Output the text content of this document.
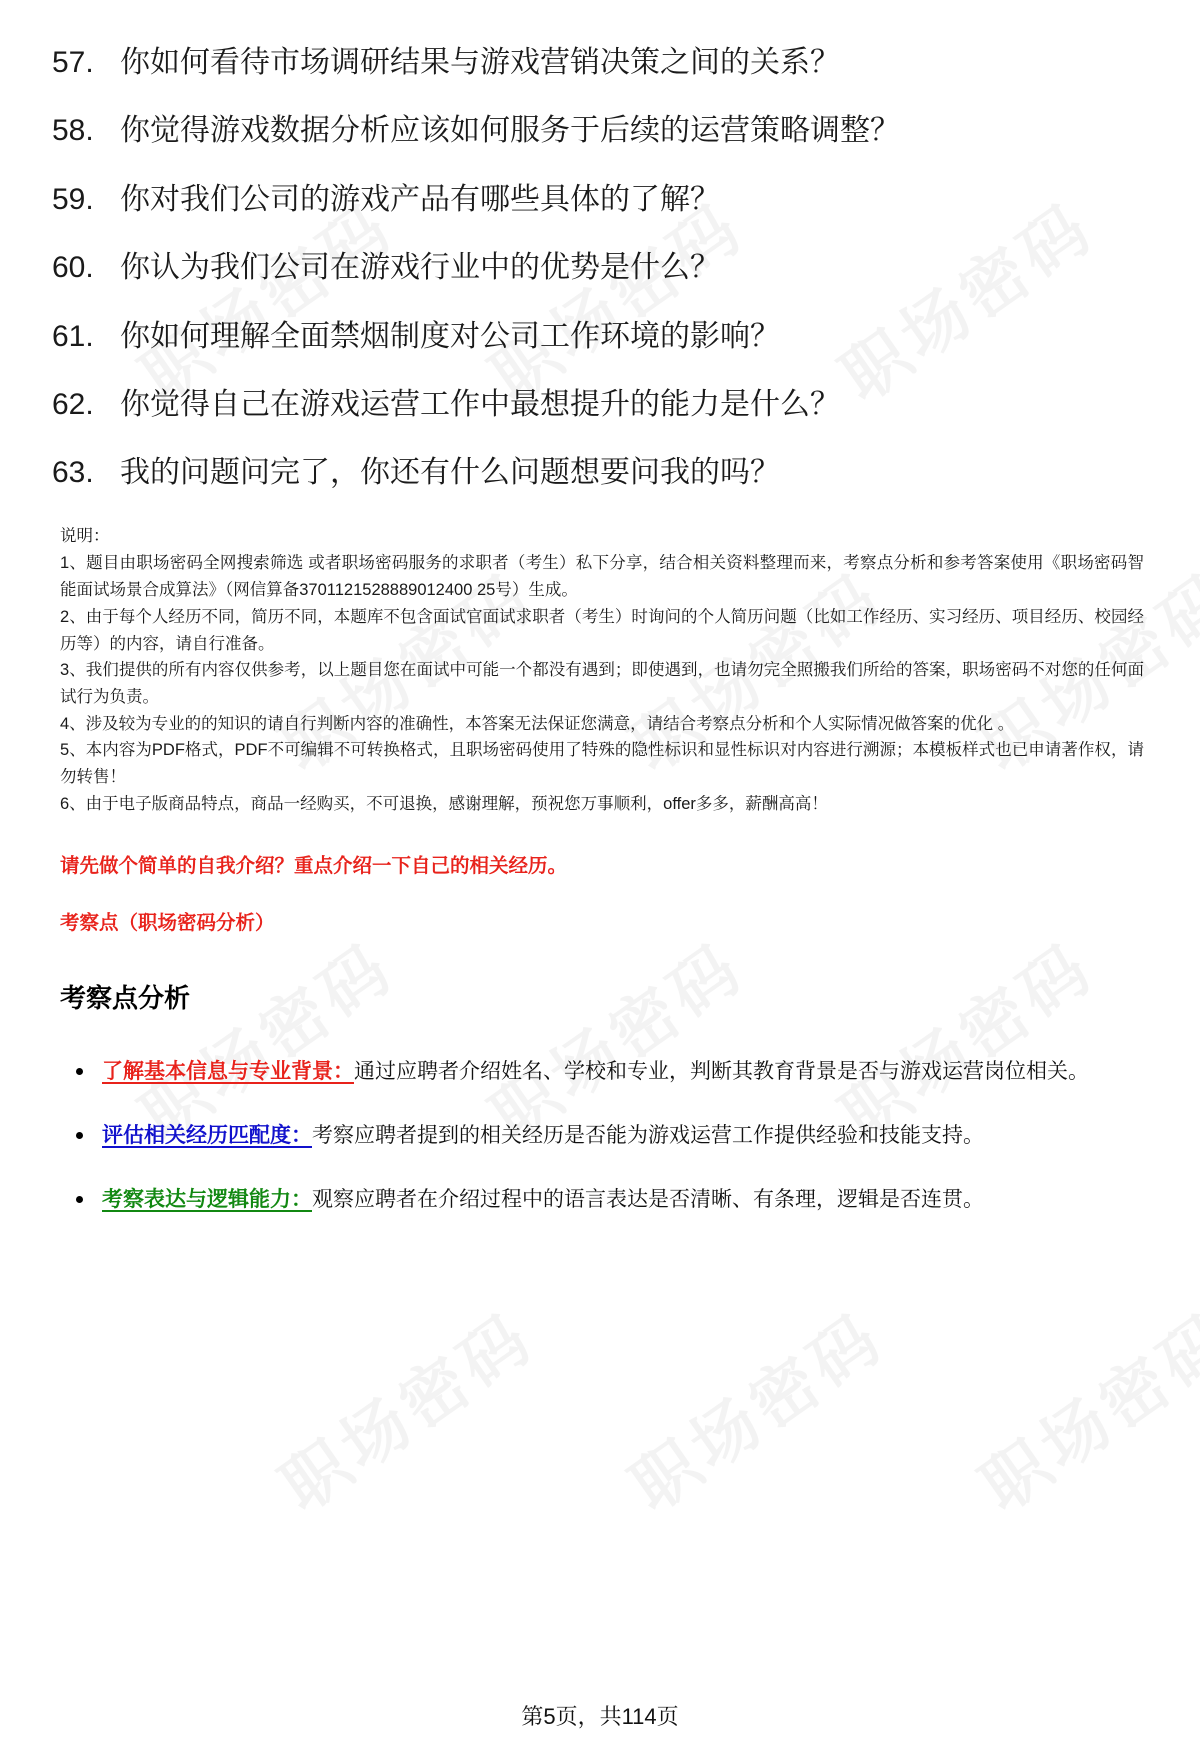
57. 你如何看待市场调研结果与游戏营销决策之间的关系？
58. 你觉得游戏数据分析应该如何服务于后续的运营策略调整？
59. 你对我们公司的游戏产品有哪些具体的了解？
60. 你认为我们公司在游戏行业中的优势是什么？
61. 你如何理解全面禁烟制度对公司工作环境的影响？
62. 你觉得自己在游戏运营工作中最想提升的能力是什么？
63. 我的问题问完了，你还有什么问题想要问我的吗？

说明：

1、题目由职场密码全网搜索筛选 或者职场密码服务的求职者（考生）私下分享，结合相关资料整理而来，考察点分析和参考答案使用《职场密码智能面试场景合成算法》（网信算备3701121528889012400 25号）生成。

2、由于每个人经历不同，简历不同，本题库不包含面试官面试求职者（考生）时询问的个人简历问题（比如工作经历、实习经历、项目经历、校园经历等）的内容，请自行准备。

3、我们提供的所有内容仅供参考，以上题目您在面试中可能一个都没有遇到；即使遇到，也请勿完全照搬我们所给的答案，职场密码不对您的任何面试行为负责。

4、涉及较为专业的的知识的请自行判断内容的准确性，本答案无法保证您满意，请结合考察点分析和个人实际情况做答案的优化 。

5、本内容为PDF格式，PDF不可编辑不可转换格式，且职场密码使用了特殊的隐性标识和显性标识对内容进行溯源；本模板样式也已申请著作权，请勿转售！

6、由于电子版商品特点，商品一经购买，不可退换，感谢理解，预祝您万事顺利，offer多多，薪酬高高！

请先做个简单的自我介绍？重点介绍一下自己的相关经历。
考察点（职场密码分析）
考察点分析
了解基本信息与专业背景：通过应聘者介绍姓名、学校和专业，判断其教育背景是否与游戏运营岗位相关。
评估相关经历匹配度：考察应聘者提到的相关经历是否能为游戏运营工作提供经验和技能支持。
考察表达与逻辑能力：观察应聘者在介绍过程中的语言表达是否清晰、有条理，逻辑是否连贯。
第5页，共114页
